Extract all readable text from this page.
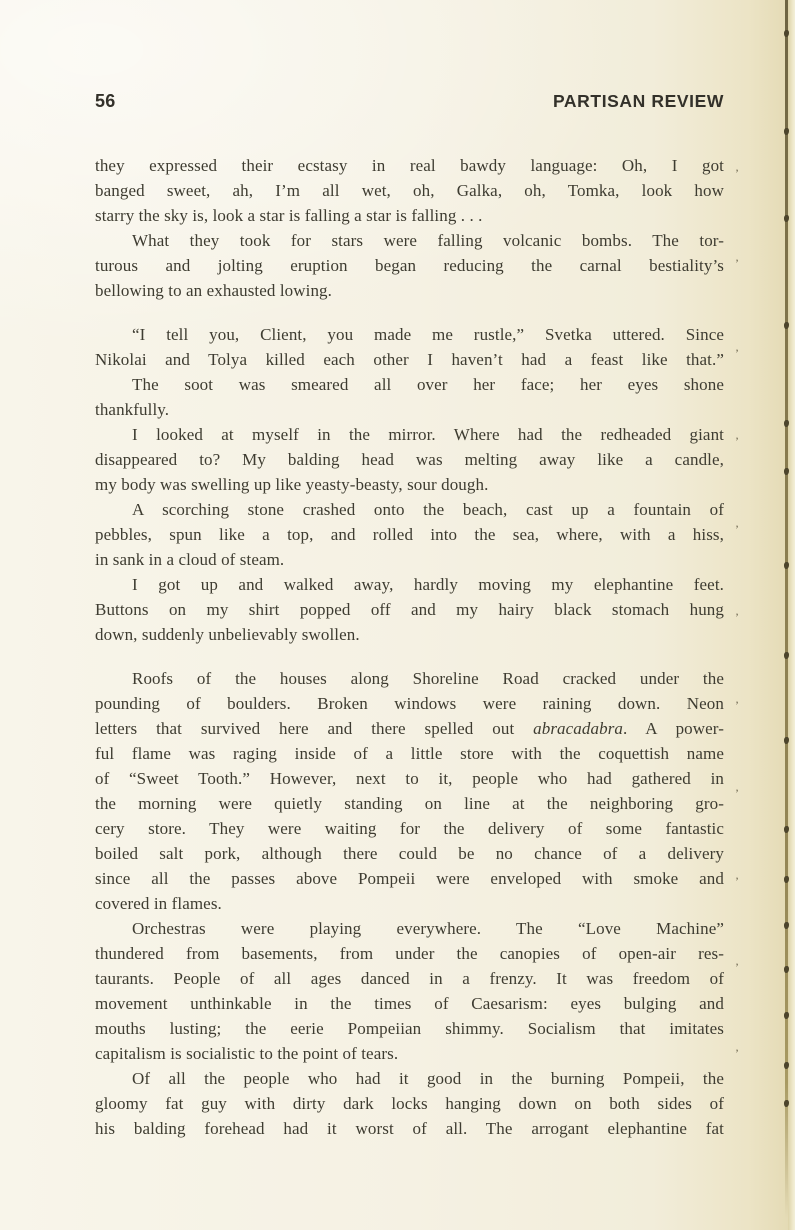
56	PARTISAN REVIEW
they expressed their ecstasy in real bawdy language: Oh, I got
banged sweet, ah, I’m all wet, oh, Galka, oh, Tomka, look how
starry the sky is, look a star is falling a star is falling . . .
What they took for stars were falling volcanic bombs. The tor-
turous and jolting eruption began reducing the carnal bestiality’s
bellowing to an exhausted lowing.
“I tell you, Client, you made me rustle,” Svetka uttered. Since
Nikolai and Tolya killed each other I haven’t had a feast like that.”
The soot was smeared all over her face; her eyes shone
thankfully.
I looked at myself in the mirror. Where had the redheaded giant
disappeared to? My balding head was melting away like a candle,
my body was swelling up like yeasty-beasty, sour dough.
A scorching stone crashed onto the beach, cast up a fountain of
pebbles, spun like a top, and rolled into the sea, where, with a hiss,
in sank in a cloud of steam.
I got up and walked away, hardly moving my elephantine feet.
Buttons on my shirt popped off and my hairy black stomach hung
down, suddenly unbelievably swollen.
Roofs of the houses along Shoreline Road cracked under the
pounding of boulders. Broken windows were raining down. Neon
letters that survived here and there spelled out abracadabra. A power-
ful flame was raging inside of a little store with the coquettish name
of “Sweet Tooth.” However, next to it, people who had gathered in
the morning were quietly standing on line at the neighboring gro-
cery store. They were waiting for the delivery of some fantastic
boiled salt pork, although there could be no chance of a delivery
since all the passes above Pompeii were enveloped with smoke and
covered in flames.
Orchestras were playing everywhere. The “Love Machine”
thundered from basements, from under the canopies of open-air res-
taurants. People of all ages danced in a frenzy. It was freedom of
movement unthinkable in the times of Caesarism: eyes bulging and
mouths lusting; the eerie Pompeiian shimmy. Socialism that imitates
capitalism is socialistic to the point of tears.
Of all the people who had it good in the burning Pompeii, the
gloomy fat guy with dirty dark locks hanging down on both sides of
his balding forehead had it worst of all. The arrogant elephantine fat
’
’
’
’
’
’
’
’
’
’
’
